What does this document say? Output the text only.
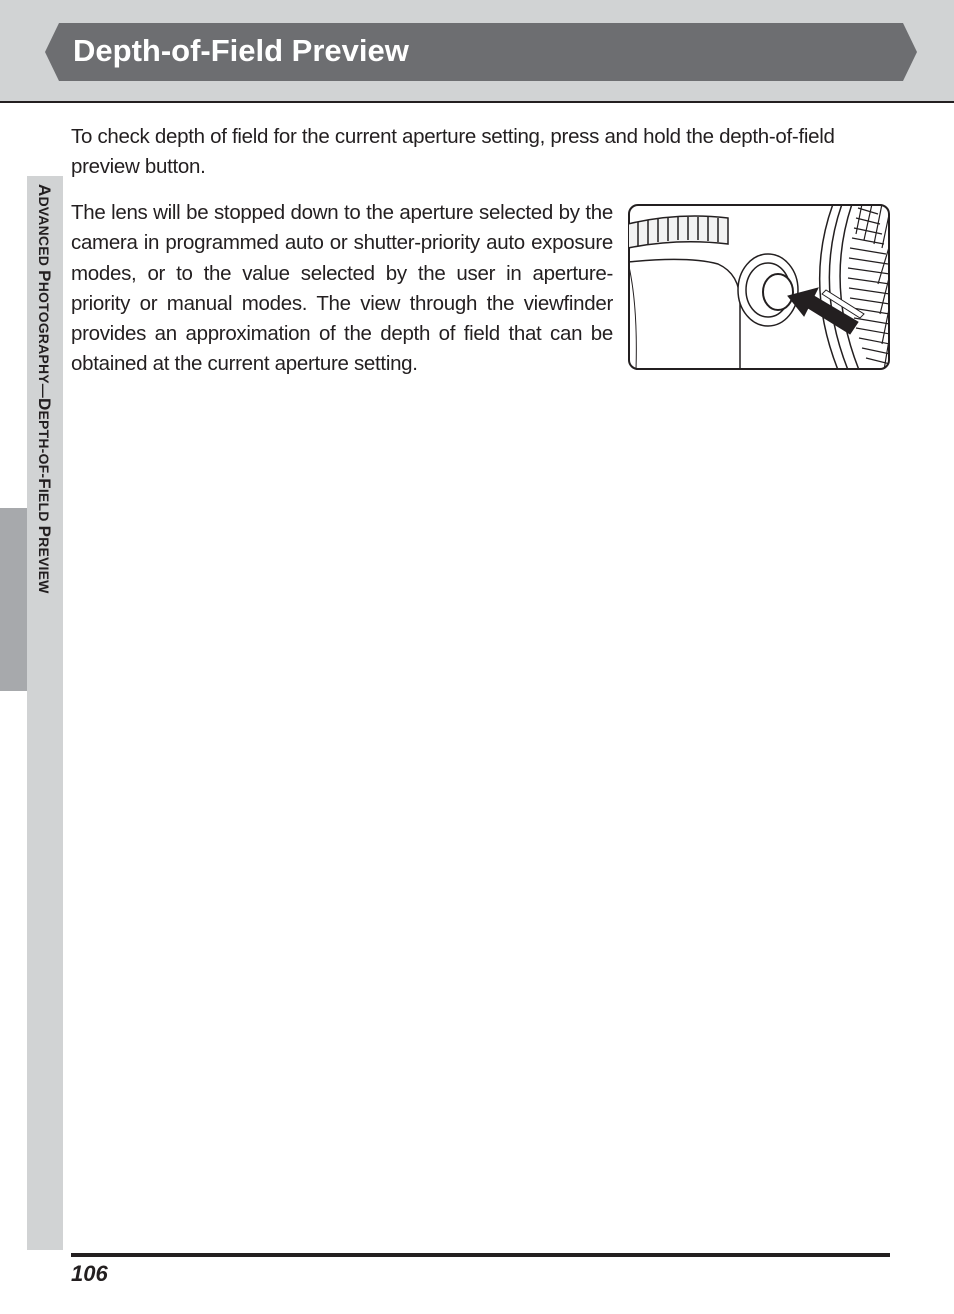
Depth-of-Field Preview
ADVANCED PHOTOGRAPHY—DEPTH-OF-FIELD PREVIEW

To check depth of field for the current aperture setting, press and hold the depth-of-field preview button.

The lens will be stopped down to the aperture selected by the camera in programmed auto or shutter-priority auto exposure modes, or to the value selected by the user in aperture-priority or manual modes. The view through the viewfinder provides an approximation of the depth of field that can be obtained at the current aperture setting.

106
